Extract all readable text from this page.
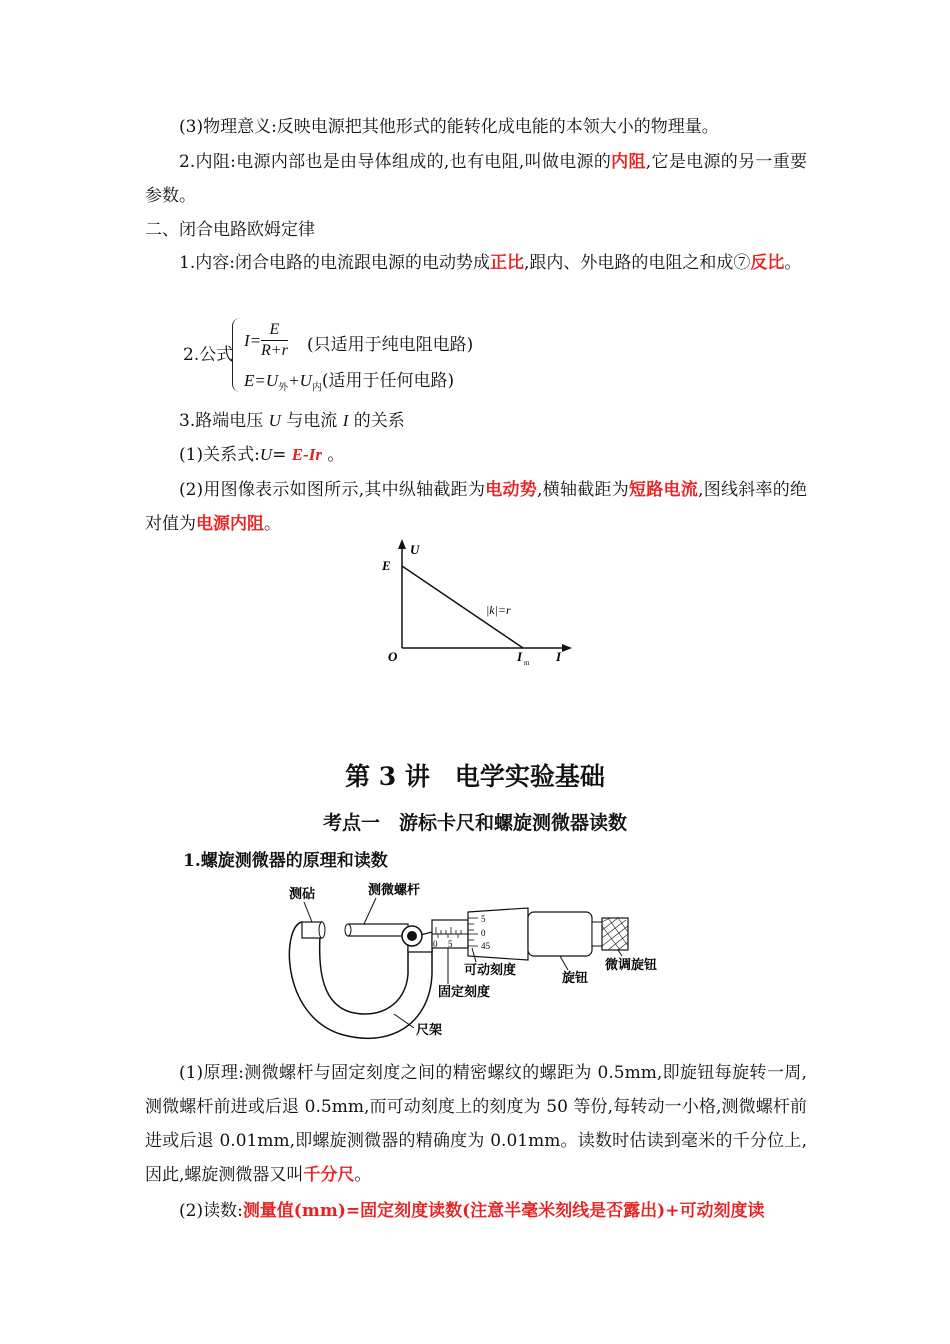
(3)物理意义:反映电源把其他形式的能转化成电能的本领大小的物理量。
2.内阻:电源内部也是由导体组成的,也有电阻,叫做电源的内阻,它是电源的另一重要参数。
二、闭合电路欧姆定律
1.内容:闭合电路的电流跟电源的电动势成正比,跟内、外电路的电阻之和成⑦反比。
2.公式
$I= \frac{E}{R+r}$ (只适用于纯电阻电路)
$E=U_外+U_内$(适用于任何电路)
3.路端电压 U 与电流 I 的关系
(1)关系式:U= E-Ir 。
(2)用图像表示如图所示,其中纵轴截距为电动势,横轴截距为短路电流,图线斜率的绝对值为电源内阻。
U
E
|k|=r
O	I m I
第 3 讲　电学实验基础
考点一　游标卡尺和螺旋测微器读数
1.螺旋测微器的原理和读数
0 5
5
0
45
测砧	测微螺杆
可动刻度
固定刻度
旋钮
微调旋钮
尺架
(1)原理:测微螺杆与固定刻度之间的精密螺纹的螺距为 0.5mm,即旋钮每旋转一周,测微螺杆前进或后退 0.5mm,而可动刻度上的刻度为 50 等份,每转动一小格,测微螺杆前进或后退 0.01mm,即螺旋测微器的精确度为 0.01mm。读数时估读到毫米的千分位上,因此,螺旋测微器又叫千分尺。
(2)读数:测量值(mm)=固定刻度读数(注意半毫米刻线是否露出)+可动刻度读
